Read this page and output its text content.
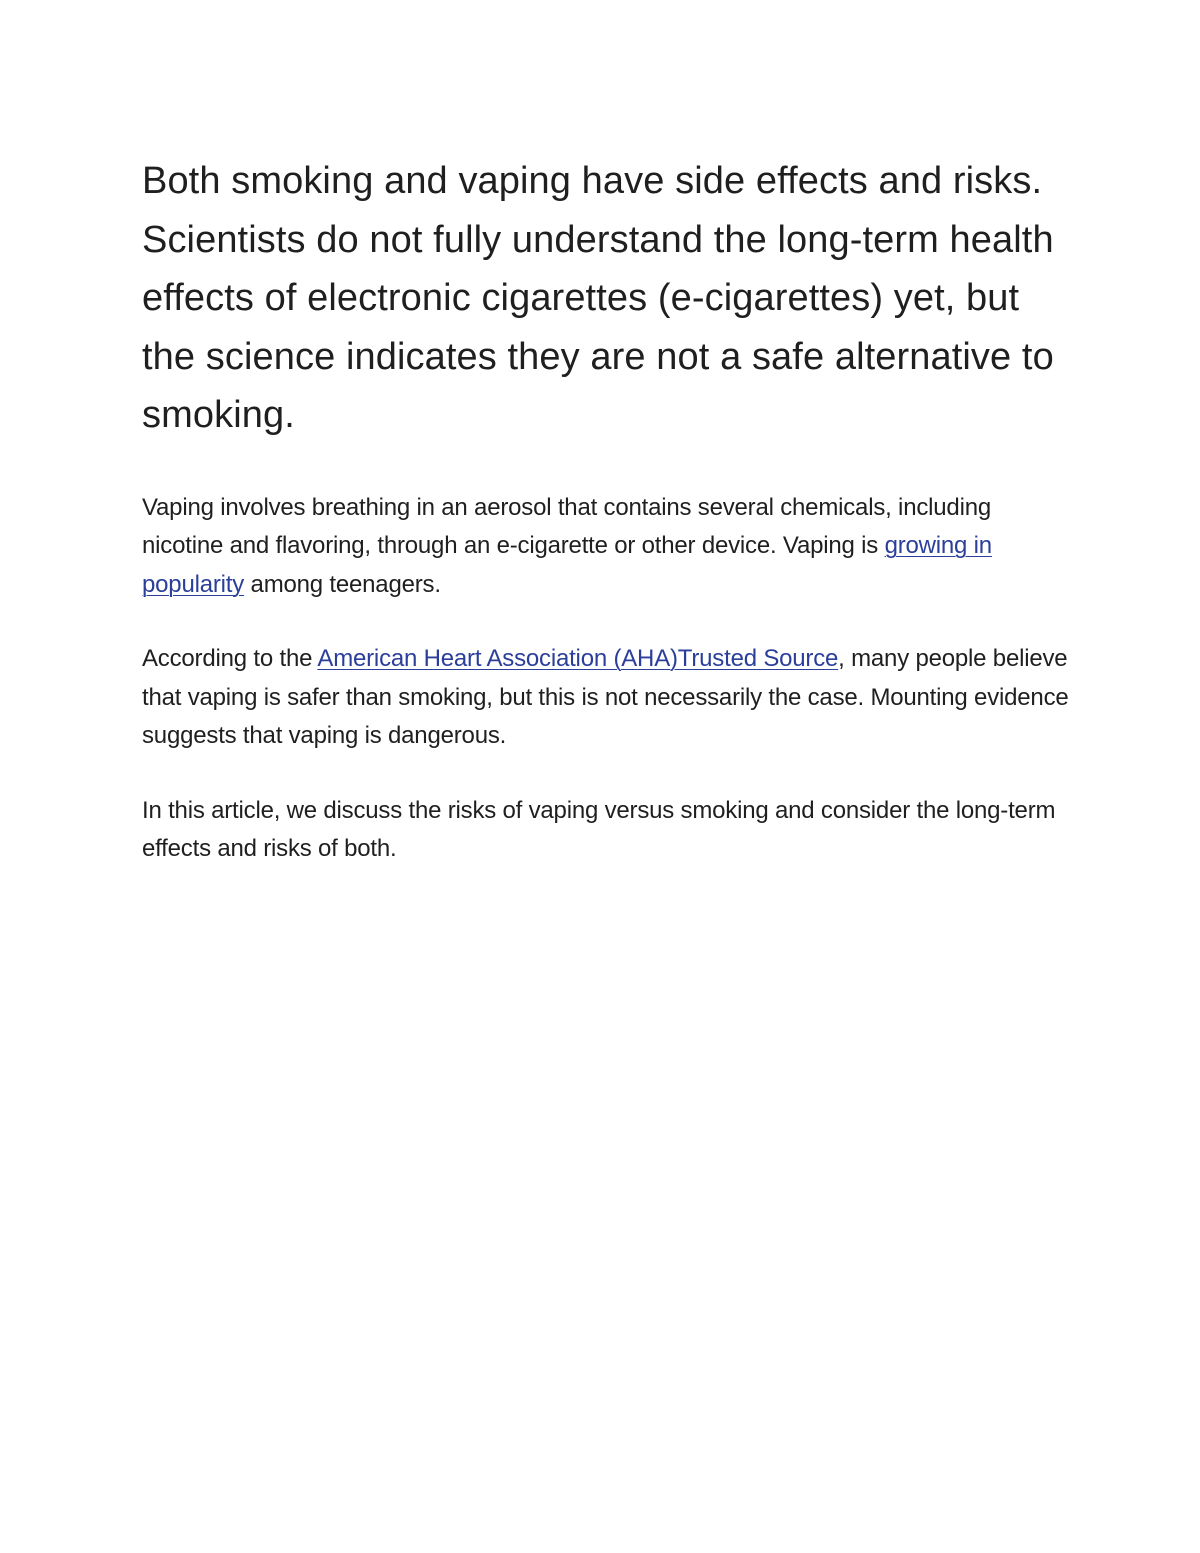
Both smoking and vaping have side effects and risks. Scientists do not fully understand the long-term health effects of electronic cigarettes (e-cigarettes) yet, but the science indicates they are not a safe alternative to smoking.

Vaping involves breathing in an aerosol that contains several chemicals, including nicotine and flavoring, through an e-cigarette or other device. Vaping is growing in popularity among teenagers.

According to the American Heart Association (AHA)Trusted Source, many people believe that vaping is safer than smoking, but this is not necessarily the case. Mounting evidence suggests that vaping is dangerous.

In this article, we discuss the risks of vaping versus smoking and consider the long-term effects and risks of both.
